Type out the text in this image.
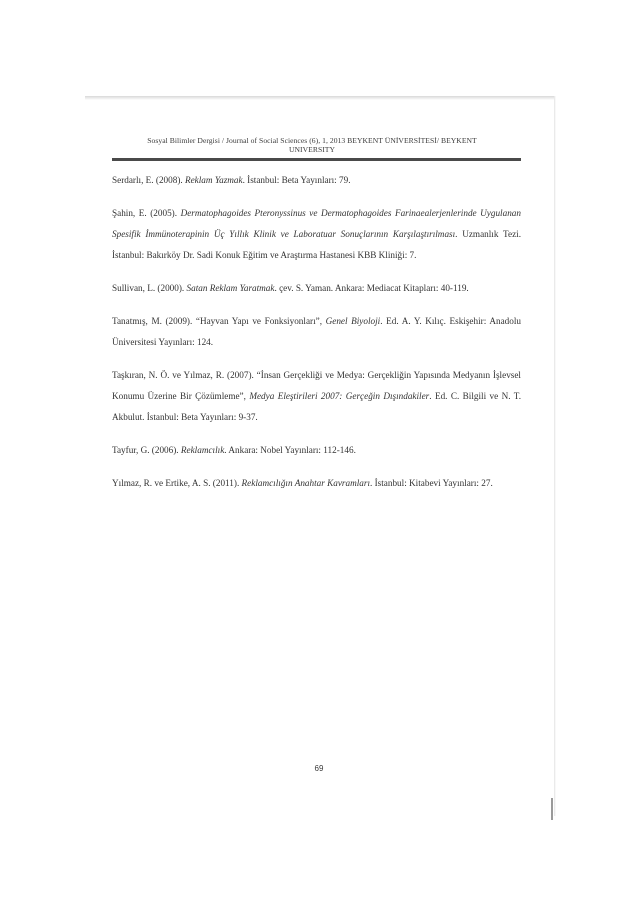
Sosyal Bilimler Dergisi / Journal of Social Sciences (6), 1, 2013 BEYKENT ÜNİVERSİTESİ/ BEYKENT
UNIVERSITY
Serdarlı, E. (2008). Reklam Yazmak. İstanbul: Beta Yayınları: 79.
Şahin, E. (2005). Dermatophagoides Pteronyssinus ve Dermatophagoides Farinaealerjenlerinde Uygulanan Spesifik İmmünoterapinin Üç Yıllık Klinik ve Laboratuar Sonuçlarının Karşılaştırılması. Uzmanlık Tezi. İstanbul: Bakırköy Dr. Sadi Konuk Eğitim ve Araştırma Hastanesi KBB Kliniği: 7.
Sullivan, L. (2000). Satan Reklam Yaratmak. çev. S. Yaman. Ankara: Mediacat Kitapları: 40-119.
Tanatmış, M. (2009). “Hayvan Yapı ve Fonksiyonları”, Genel Biyoloji. Ed. A. Y. Kılıç. Eskişehir: Anadolu Üniversitesi Yayınları: 124.
Taşkıran, N. Ö. ve Yılmaz, R. (2007). “İnsan Gerçekliği ve Medya: Gerçekliğin Yapısında Medyanın İşlevsel Konumu Üzerine Bir Çözümleme”, Medya Eleştirileri 2007: Gerçeğin Dışındakiler. Ed. C. Bilgili ve N. T. Akbulut. İstanbul: Beta Yayınları: 9-37.
Tayfur, G. (2006). Reklamcılık. Ankara: Nobel Yayınları: 112-146.
Yılmaz, R. ve Ertike, A. S. (2011). Reklamcılığın Anahtar Kavramları. İstanbul: Kitabevi Yayınları: 27.
69
